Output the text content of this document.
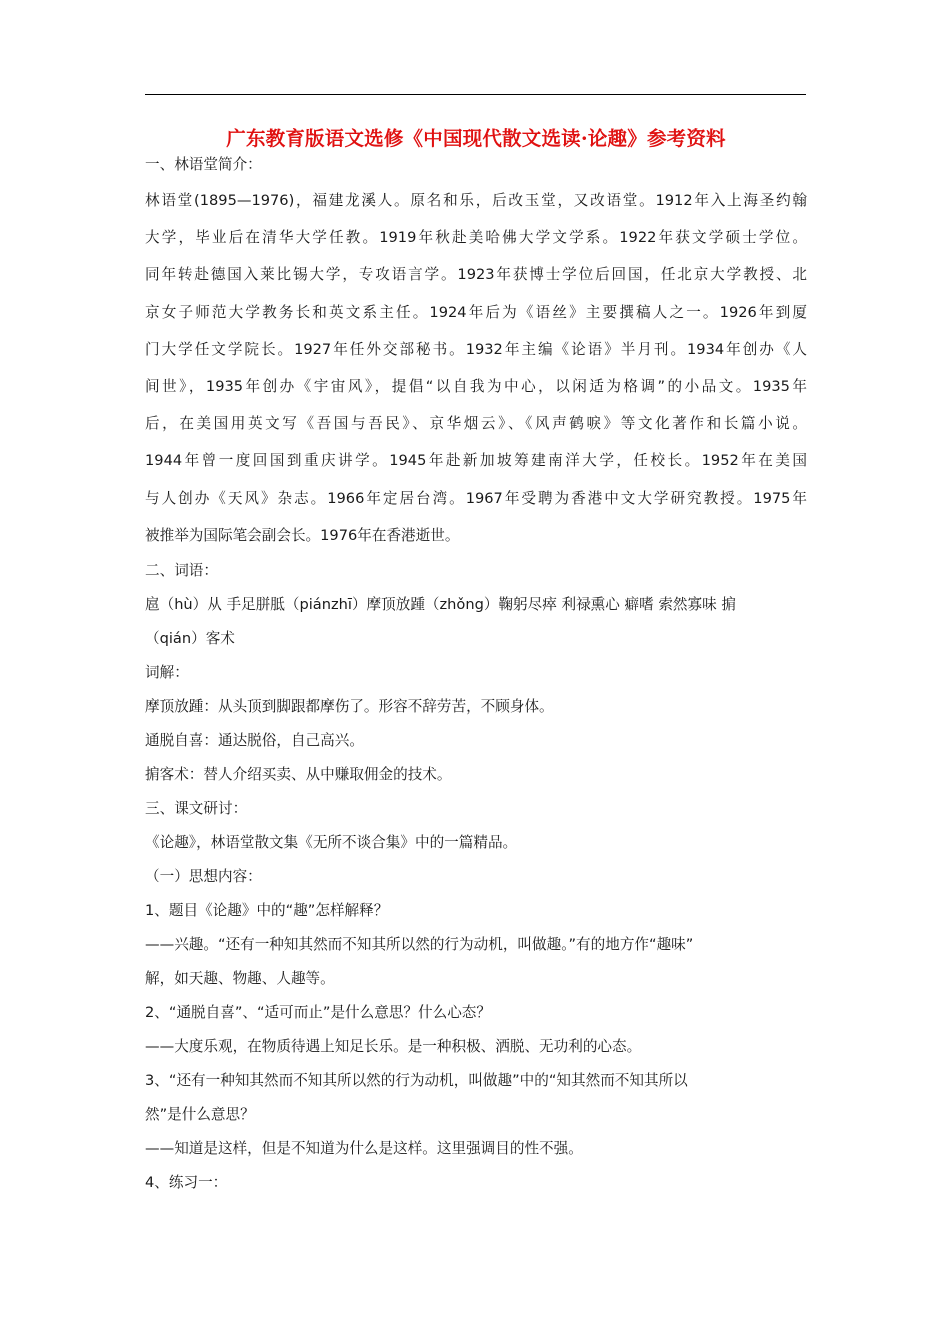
广东教育版语文选修《中国现代散文选读·论趣》参考资料

一、林语堂简介：

林语堂(1895—1976)，福建龙溪人。原名和乐，后改玉堂，又改语堂。1912年入上海圣约翰

大学，毕业后在清华大学任教。1919年秋赴美哈佛大学文学系。1922年获文学硕士学位。

同年转赴德国入莱比锡大学，专攻语言学。1923年获博士学位后回国，任北京大学教授、北

京女子师范大学教务长和英文系主任。1924年后为《语丝》主要撰稿人之一。1926年到厦

门大学任文学院长。1927年任外交部秘书。1932年主编《论语》半月刊。1934年创办《人

间世》，1935年创办《宇宙风》，提倡“以自我为中心，以闲适为格调”的小品文。1935年

后，在美国用英文写《吾国与吾民》、京华烟云》、《风声鹤唳》等文化著作和长篇小说。

1944年曾一度回国到重庆讲学。1945年赴新加坡筹建南洋大学，任校长。1952年在美国

与人创办《天风》杂志。1966年定居台湾。1967年受聘为香港中文大学研究教授。1975年

被推举为国际笔会副会长。1976年在香港逝世。

二、词语：

扈（hù）从 手足胼胝（piánzhī）摩顶放踵（zhǒng）鞠躬尽瘁 利禄熏心 癖嗜 索然寡味 掮

（qián）客术

词解：

摩顶放踵：从头顶到脚跟都摩伤了。形容不辞劳苦，不顾身体。

通脱自喜：通达脱俗，自己高兴。

掮客术：替人介绍买卖、从中赚取佣金的技术。

三、课文研讨：

《论趣》，林语堂散文集《无所不谈合集》中的一篇精品。

（一）思想内容：

1、题目《论趣》中的“趣”怎样解释？

——兴趣。“还有一种知其然而不知其所以然的行为动机，叫做趣。”有的地方作“趣味”

解，如天趣、物趣、人趣等。

2、“通脱自喜”、“适可而止”是什么意思？什么心态？

——大度乐观，在物质待遇上知足长乐。是一种积极、洒脱、无功利的心态。

3、“还有一种知其然而不知其所以然的行为动机，叫做趣”中的“知其然而不知其所以

然”是什么意思？

——知道是这样，但是不知道为什么是这样。这里强调目的性不强。

4、练习一：
